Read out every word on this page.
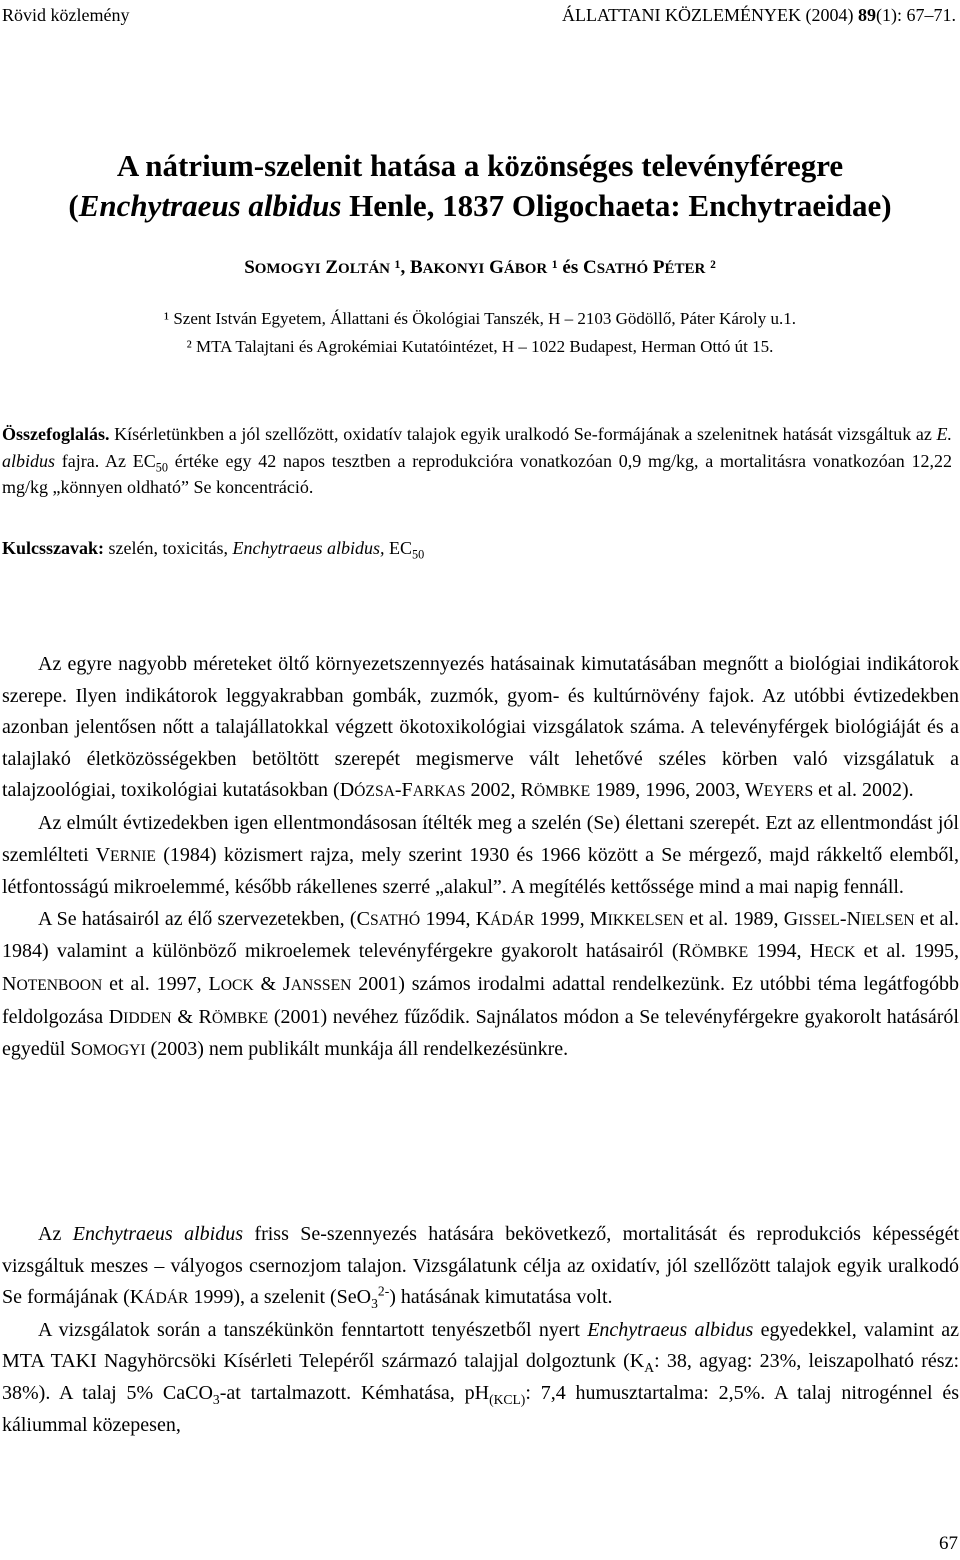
Rövid közlemény	ÁLLATTANI KÖZLEMÉNYEK (2004) 89(1): 67–71.
A nátrium-szelenit hatása a közönséges televényféregre
(Enchytraeus albidus Henle, 1837 Oligochaeta: Enchytraeidae)
SOMOGYI ZOLTÁN ¹, BAKONYI GÁBOR ¹ és CSATHÓ PÉTER ²
¹ Szent István Egyetem, Állattani és Ökológiai Tanszék, H – 2103 Gödöllő, Páter Károly u.1.
² MTA Talajtani és Agrokémiai Kutatóintézet, H – 1022 Budapest, Herman Ottó út 15.
Összefoglalás. Kísérletünkben a jól szellőzött, oxidatív talajok egyik uralkodó Se-formájának a szelenitnek hatását vizsgáltuk az E. albidus fajra. Az $EC_{50}$ értéke egy 42 napos tesztben a reprodukcióra vonatkozóan 0,9 mg/kg, a mortalitásra vonatkozóan 12,22 mg/kg „könnyen oldható” Se koncentráció.
Kulcsszavak: szelén, toxicitás, Enchytraeus albidus, $EC_{50}$

Az egyre nagyobb méreteket öltő környezetszennyezés hatásainak kimutatásában megnőtt a biológiai indikátorok szerepe. Ilyen indikátorok leggyakrabban gombák, zuzmók, gyom- és kultúrnövény fajok. Az utóbbi évtizedekben azonban jelentősen nőtt a talajállatokkal végzett ökotoxikológiai vizsgálatok száma. A televényférgek biológiáját és a talajlakó életközösségekben betöltött szerepét megismerve vált lehetővé széles körben való vizsgálatuk a talajzoológiai, toxikológiai kutatásokban (DÓZSA-FARKAS 2002, RÖMBKE 1989, 1996, 2003, WEYERS et al. 2002).

Az elmúlt évtizedekben igen ellentmondásosan ítélték meg a szelén (Se) élettani szerepét. Ezt az ellentmondást jól szemlélteti VERNIE (1984) közismert rajza, mely szerint 1930 és 1966 között a Se mérgező, majd rákkeltő elemből, létfontosságú mikroelemmé, később rákellenes szerré „alakul”. A megítélés kettőssége mind a mai napig fennáll.

A Se hatásairól az élő szervezetekben, (CSATHÓ 1994, KÁDÁR 1999, MIKKELSEN et al. 1989, GISSEL-NIELSEN et al. 1984) valamint a különböző mikroelemek televényférgekre gyakorolt hatásairól (RÖMBKE 1994, HECK et al. 1995, NOTENBOON et al. 1997, LOCK & JANSSEN 2001) számos irodalmi adattal rendelkezünk. Ez utóbbi téma legátfogóbb feldolgozása DIDDEN & RÖMBKE (2001) nevéhez fűződik. Sajnálatos módon a Se televényférgekre gyakorolt hatásáról egyedül SOMOGYI (2003) nem publikált munkája áll rendelkezésünkre.

Az Enchytraeus albidus friss Se-szennyezés hatására bekövetkező, mortalitását és reprodukciós képességét vizsgáltuk meszes – vályogos csernozjom talajon. Vizsgálatunk célja az oxidatív, jól szellőzött talajok egyik uralkodó Se formájának (KÁDÁR 1999), a szelenit (SeO$_3^{2-}$) hatásának kimutatása volt.

A vizsgálatok során a tanszékünkön fenntartott tenyészetből nyert Enchytraeus albidus egyedekkel, valamint az MTA TAKI Nagyhörcsöki Kísérleti Telepéről származó talajjal dolgoztunk ($K_A$: 38, agyag: 23%, leiszapolható rész: 38%). A talaj 5% CaCO$_3$-at tartalmazott. Kémhatása, $pH_{(KCL)}$: 7,4 humusztartalma: 2,5%. A talaj nitrogénnel és káliummal közepesen,

67
